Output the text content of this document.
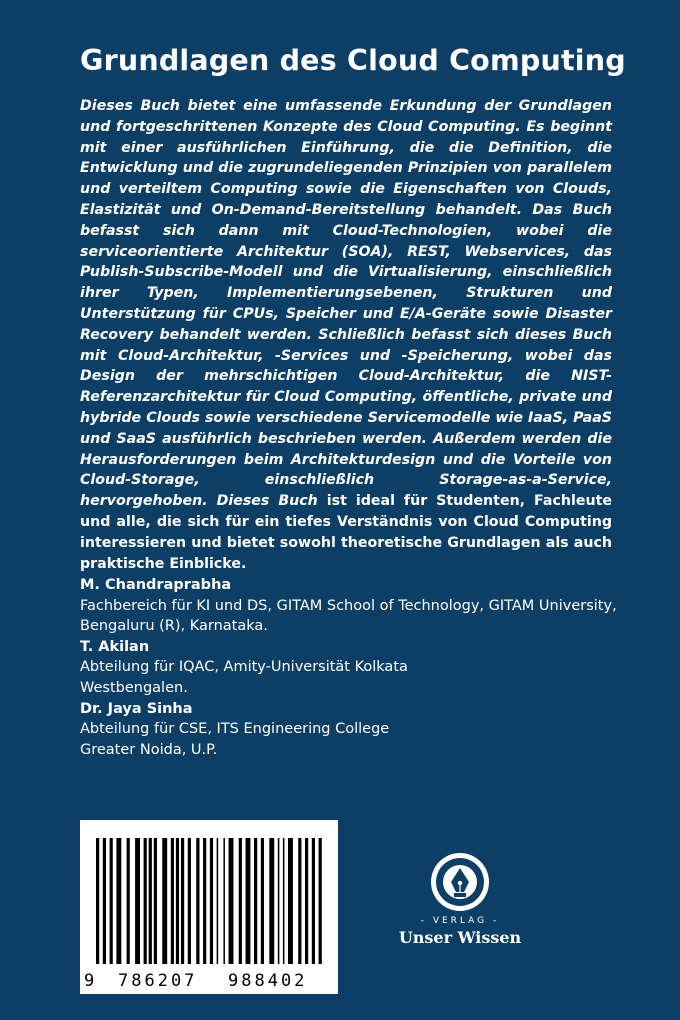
Grundlagen des Cloud Computing

Dieses Buch bietet eine umfassende Erkundung der Grundlagen und fortgeschrittenen Konzepte des Cloud Computing. Es beginnt mit einer ausführlichen Einführung, die die Definition, die Entwicklung und die zugrundeliegenden Prinzipien von parallelem und verteiltem Computing sowie die Eigenschaften von Clouds, Elastizität und On-Demand-Bereitstellung behandelt. Das Buch befasst sich dann mit Cloud-Technologien, wobei die serviceorientierte Architektur (SOA), REST, Webservices, das Publish-Subscribe-Modell und die Virtualisierung, einschließlich ihrer Typen, Implementierungsebenen, Strukturen und Unterstützung für CPUs, Speicher und E/A-Geräte sowie Disaster Recovery behandelt werden. Schließlich befasst sich dieses Buch mit Cloud-Architektur, -Services und -Speicherung, wobei das Design der mehrschichtigen Cloud-Architektur, die NIST-Referenzarchitektur für Cloud Computing, öffentliche, private und hybride Clouds sowie verschiedene Servicemodelle wie IaaS, PaaS und SaaS ausführlich beschrieben werden. Außerdem werden die Herausforderungen beim Architekturdesign und die Vorteile von Cloud-Storage, einschließlich Storage-as-a-Service, hervorgehoben. Dieses Buch ist ideal für Studenten, Fachleute und alle, die sich für ein tiefes Verständnis von Cloud Computing interessieren und bietet sowohl theoretische Grundlagen als auch praktische Einblicke.

M. Chandraprabha
Fachbereich für KI und DS, GITAM School of Technology, GITAM University,
Bengaluru (R), Karnataka.
T. Akilan
Abteilung für IQAC, Amity-Universität Kolkata
Westbengalen.
Dr. Jaya Sinha
Abteilung für CSE, ITS Engineering College
Greater Noida, U.P.
9 786207 988402
- VERLAG -
Unser Wissen
